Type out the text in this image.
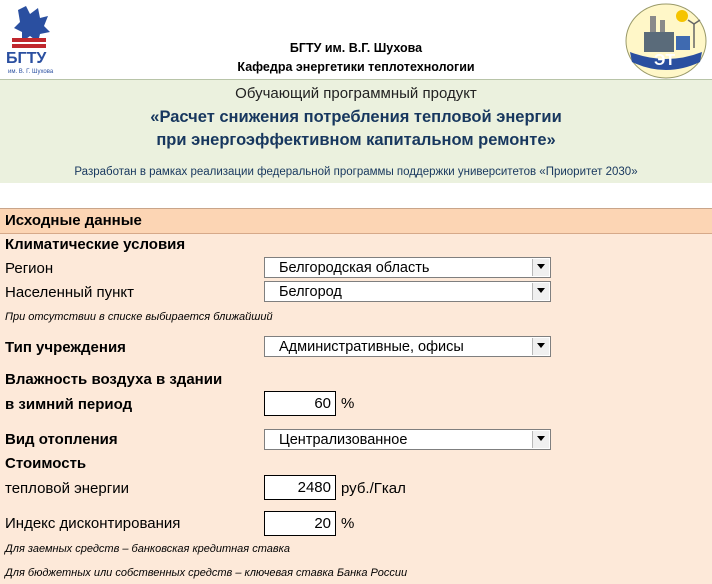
БГТУ
им. В. Г. Шухова
БГТУ им. В.Г. Шухова
Кафедра энергетики теплотехнологии	ЭТ
Обучающий программный продукт
«Расчет снижения потребления тепловой энергии
при энергоэффективном капитальном ремонте»
Разработан в рамках реализации федеральной программы поддержки университетов «Приоритет 2030»
Исходные данные
Климатические условия
Регион	Белгородская область
Населенный пункт	Белгород
При отсутствии в списке выбирается ближайший
Тип учреждения	Административные, офисы
Влажность воздуха в здании
в зимний период	60 %
Вид отопления	Централизованное
Стоимость
тепловой энергии	2480 руб./Гкал
Индекс дисконтирования	20 %
Для заемных средств – банковская кредитная ставка
Для бюджетных или собственных средств – ключевая ставка Банка России
